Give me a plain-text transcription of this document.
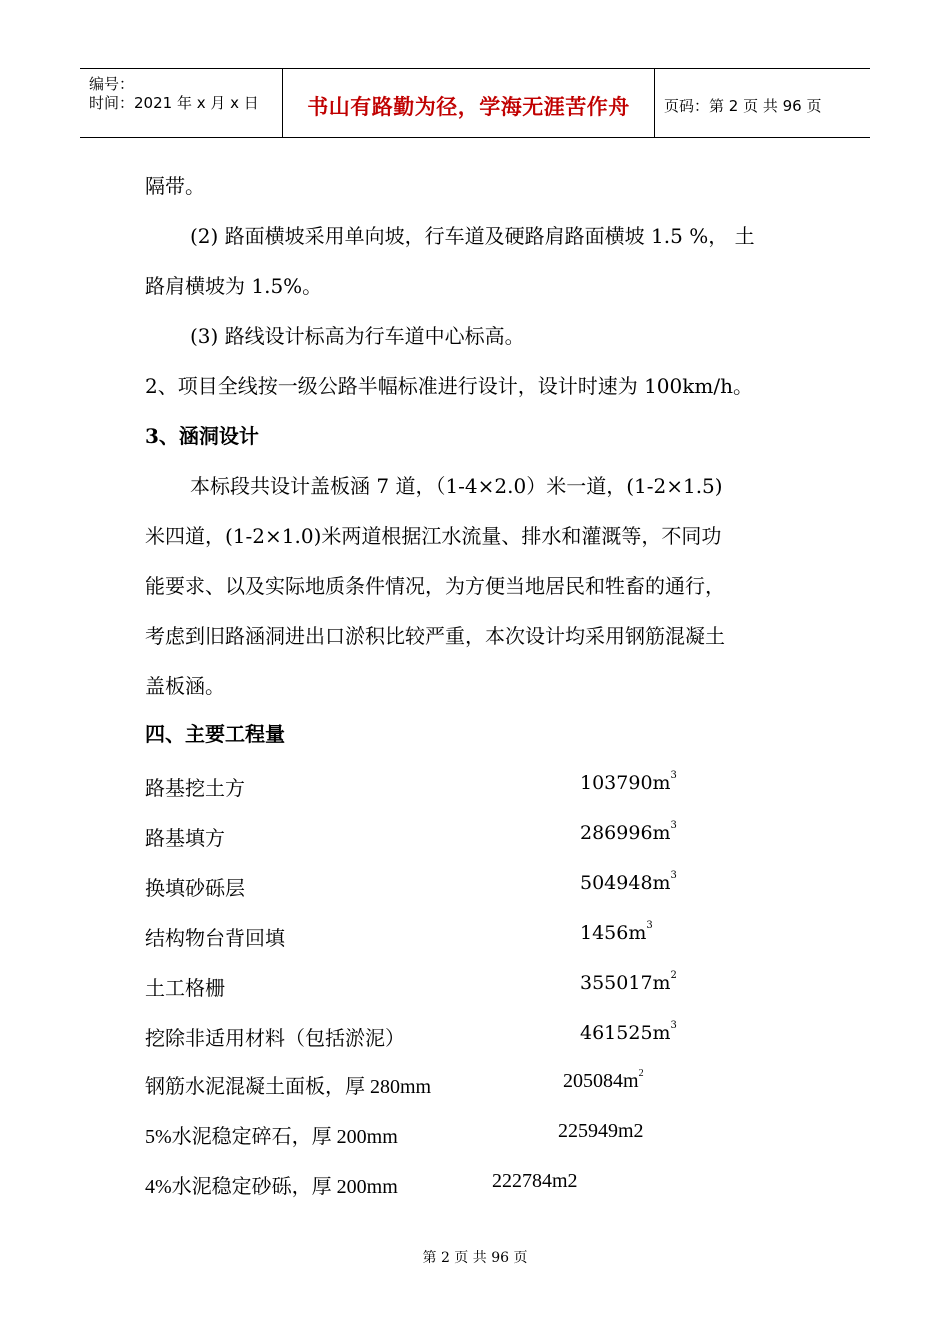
编号：
时间：2021 年 x 月 x 日	书山有路勤为径，学海无涯苦作舟	页码：第 2 页 共 96 页
隔带。
(2) 路面横坡采用单向坡，行车道及硬路肩路面横坡 1.5 %， 土
路肩横坡为 1.5%。
(3) 路线设计标高为行车道中心标高。
2、项目全线按一级公路半幅标准进行设计，设计时速为 100km/h。
3、涵洞设计
本标段共设计盖板涵 7 道，（1-4×2.0）米一道，(1-2×1.5)
米四道，(1-2×1.0)米两道根据江水流量、排水和灌溉等，不同功
能要求、以及实际地质条件情况，为方便当地居民和牲畜的通行，
考虑到旧路涵洞进出口淤积比较严重，本次设计均采用钢筋混凝土
盖板涵。
四、主要工程量
路基挖土方	$103790m^3$
路基填方	$286996m^3$
换填砂砾层	$504948m^3$
结构物台背回填	$1456m^3$
土工格栅	$355017m^2$
挖除非适用材料（包括淤泥）	$461525m^3$
钢筋水泥混凝土面板，厚 280mm	$205084m^2$
5%水泥稳定碎石，厚 200mm	225949m2
4%水泥稳定砂砾，厚 200mm	222784m2
第 2 页 共 96 页
